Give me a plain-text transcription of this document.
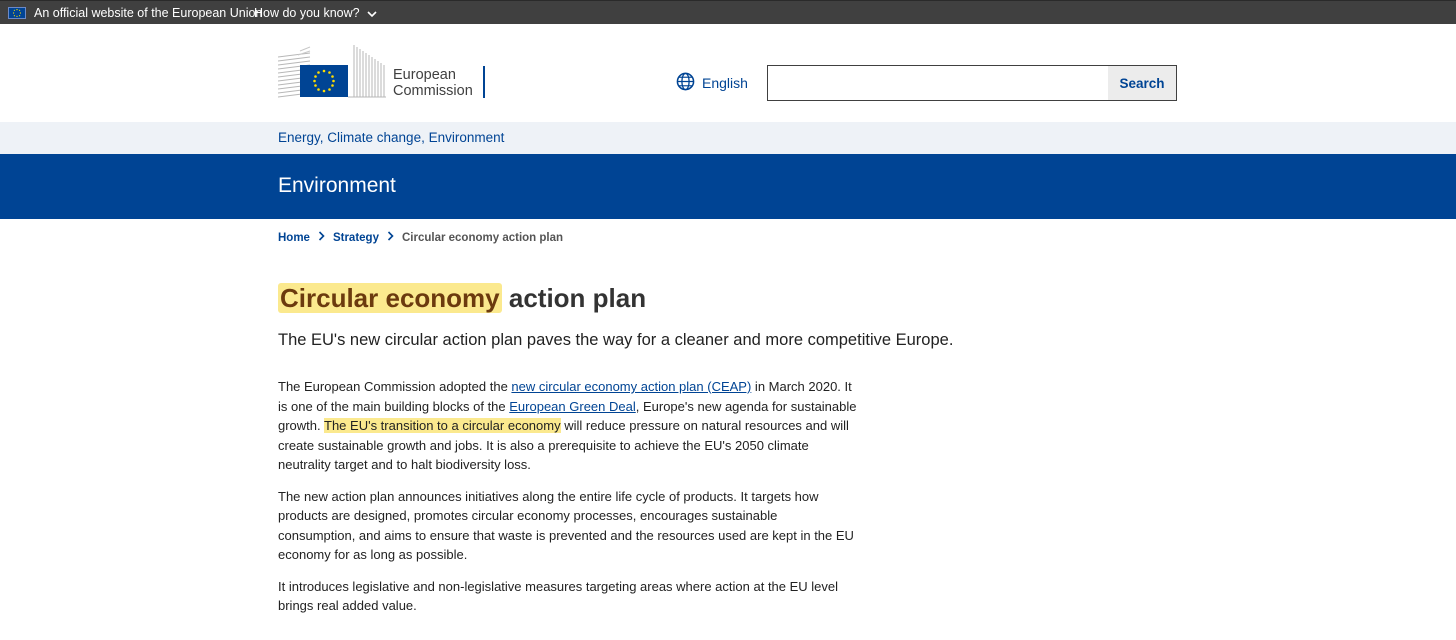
An official website of the European Union
How do you know?
European
Commission	English	Search
Energy, Climate change, Environment
Environment
Home Strategy Circular economy action plan
Circular economy action plan
The EU's new circular action plan paves the way for a cleaner and more competitive Europe.

The European Commission adopted the new circular economy action plan (CEAP) in March 2020. It is one of the main building blocks of the European Green Deal, Europe's new agenda for sustainable growth. The EU's transition to a circular economy will reduce pressure on natural resources and will create sustainable growth and jobs. It is also a prerequisite to achieve the EU's 2050 climate neutrality target and to halt biodiversity loss.

The new action plan announces initiatives along the entire life cycle of products. It targets how products are designed, promotes circular economy processes, encourages sustainable consumption, and aims to ensure that waste is prevented and the resources used are kept in the EU economy for as long as possible.

It introduces legislative and non-legislative measures targeting areas where action at the EU level brings real added value.
